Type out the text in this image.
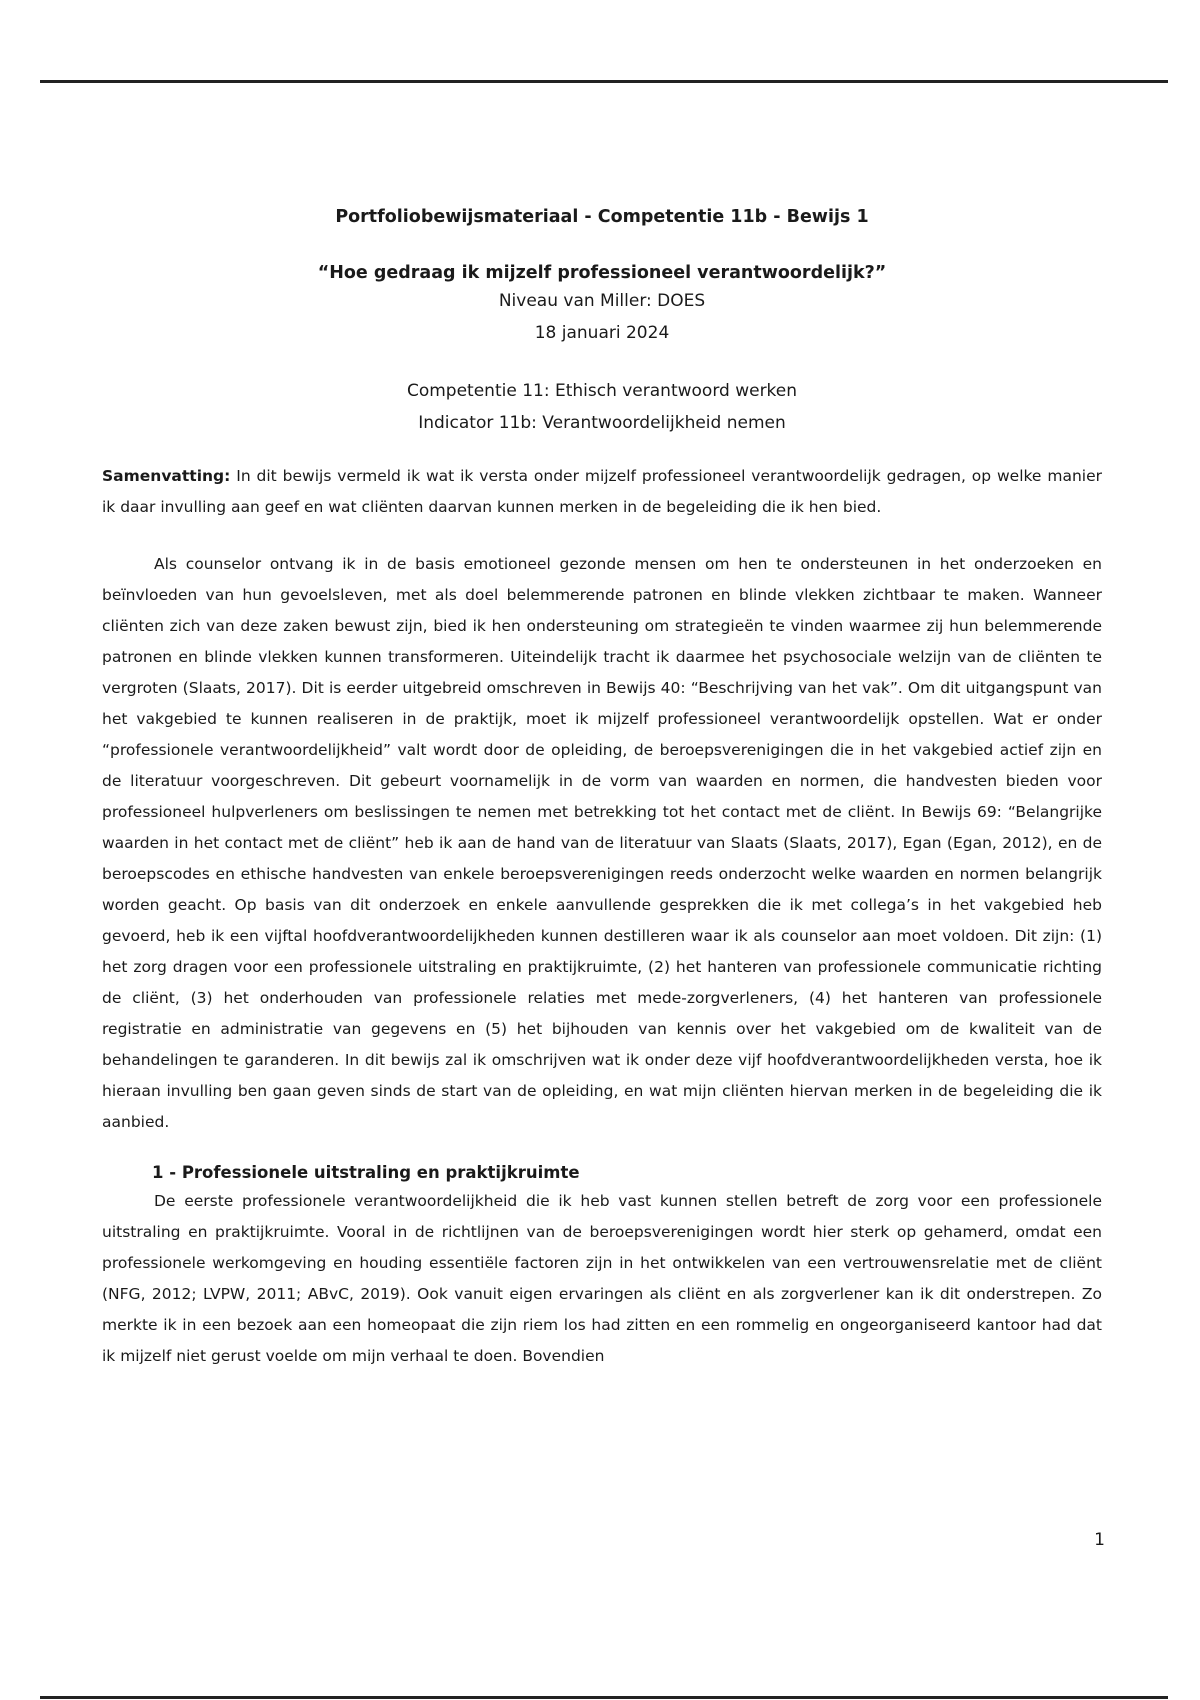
Portfoliobewijsmateriaal - Competentie 11b - Bewijs 1

“Hoe gedraag ik mijzelf professioneel verantwoordelijk?”

Niveau van Miller: DOES

18 januari 2024

Competentie 11: Ethisch verantwoord werken

Indicator 11b: Verantwoordelijkheid nemen

Samenvatting: In dit bewijs vermeld ik wat ik versta onder mijzelf professioneel verantwoordelijk gedragen, op welke manier ik daar invulling aan geef en wat cliënten daarvan kunnen merken in de begeleiding die ik hen bied.
Als counselor ontvang ik in de basis emotioneel gezonde mensen om hen te ondersteunen in het onderzoeken en beïnvloeden van hun gevoelsleven, met als doel belemmerende patronen en blinde vlekken zichtbaar te maken. Wanneer cliënten zich van deze zaken bewust zijn, bied ik hen ondersteuning om strategieën te vinden waarmee zij hun belemmerende patronen en blinde vlekken kunnen transformeren. Uiteindelijk tracht ik daarmee het psychosociale welzijn van de cliënten te vergroten (Slaats, 2017). Dit is eerder uitgebreid omschreven in Bewijs 40: “Beschrijving van het vak”. Om dit uitgangspunt van het vakgebied te kunnen realiseren in de praktijk, moet ik mijzelf professioneel verantwoordelijk opstellen. Wat er onder “professionele verantwoordelijkheid” valt wordt door de opleiding, de beroepsverenigingen die in het vakgebied actief zijn en de literatuur voorgeschreven. Dit gebeurt voornamelijk in de vorm van waarden en normen, die handvesten bieden voor professioneel hulpverleners om beslissingen te nemen met betrekking tot het contact met de cliënt. In Bewijs 69: “Belangrijke waarden in het contact met de cliënt” heb ik aan de hand van de literatuur van Slaats (Slaats, 2017), Egan (Egan, 2012), en de beroepscodes en ethische handvesten van enkele beroepsverenigingen reeds onderzocht welke waarden en normen belangrijk worden geacht. Op basis van dit onderzoek en enkele aanvullende gesprekken die ik met collega’s in het vakgebied heb gevoerd, heb ik een vijftal hoofdverantwoordelijkheden kunnen destilleren waar ik als counselor aan moet voldoen. Dit zijn: (1) het zorg dragen voor een professionele uitstraling en praktijkruimte, (2) het hanteren van professionele communicatie richting de cliënt, (3) het onderhouden van professionele relaties met mede-zorgverleners, (4) het hanteren van professionele registratie en administratie van gegevens en (5) het bijhouden van kennis over het vakgebied om de kwaliteit van de behandelingen te garanderen. In dit bewijs zal ik omschrijven wat ik onder deze vijf hoofdverantwoordelijkheden versta, hoe ik hieraan invulling ben gaan geven sinds de start van de opleiding, en wat mijn cliënten hiervan merken in de begeleiding die ik aanbied.
1 - Professionele uitstraling en praktijkruimte
De eerste professionele verantwoordelijkheid die ik heb vast kunnen stellen betreft de zorg voor een professionele uitstraling en praktijkruimte. Vooral in de richtlijnen van de beroepsverenigingen wordt hier sterk op gehamerd, omdat een professionele werkomgeving en houding essentiële factoren zijn in het ontwikkelen van een vertrouwensrelatie met de cliënt (NFG, 2012; LVPW, 2011; ABvC, 2019). Ook vanuit eigen ervaringen als cliënt en als zorgverlener kan ik dit onderstrepen. Zo merkte ik in een bezoek aan een homeopaat die zijn riem los had zitten en een rommelig en ongeorganiseerd kantoor had dat ik mijzelf niet gerust voelde om mijn verhaal te doen. Bovendien
1
